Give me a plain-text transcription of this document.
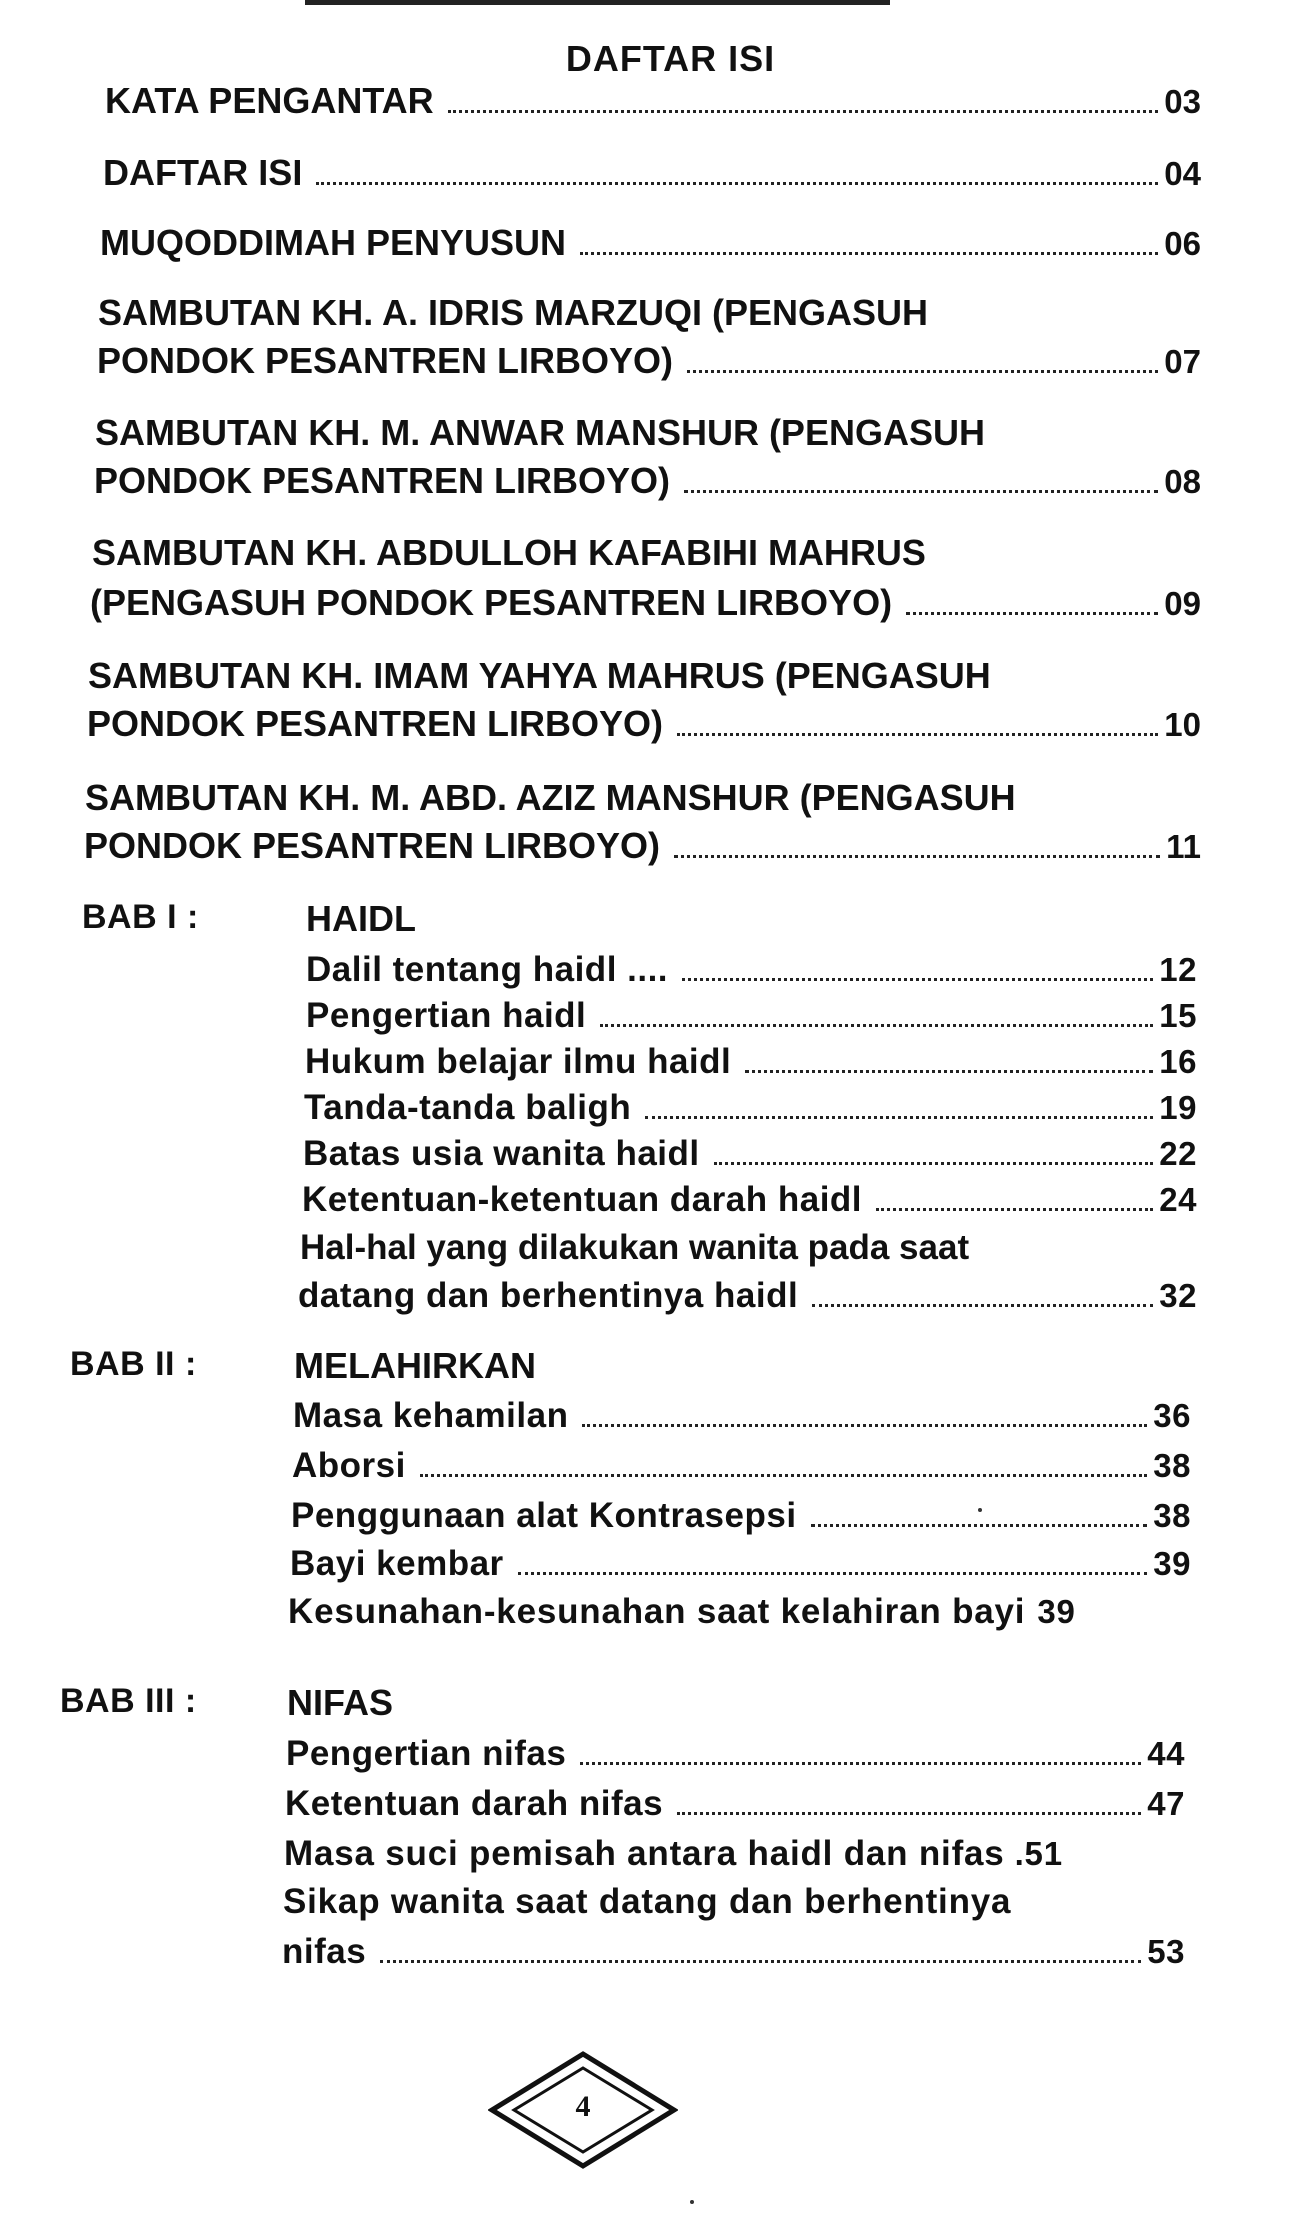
DAFTAR ISI
KATA PENGANTAR	03
DAFTAR ISI	04
MUQODDIMAH PENYUSUN	06
SAMBUTAN KH. A. IDRIS MARZUQI (PENGASUH
PONDOK PESANTREN LIRBOYO)	07
SAMBUTAN KH. M. ANWAR MANSHUR (PENGASUH
PONDOK PESANTREN LIRBOYO)	08
SAMBUTAN KH. ABDULLOH KAFABIHI MAHRUS
(PENGASUH PONDOK PESANTREN LIRBOYO)	09
SAMBUTAN KH. IMAM YAHYA MAHRUS (PENGASUH
PONDOK PESANTREN LIRBOYO)	10
SAMBUTAN KH. M. ABD. AZIZ MANSHUR (PENGASUH
PONDOK PESANTREN LIRBOYO)	11
BAB I :	HAIDL
Dalil tentang haidl ....	12
Pengertian haidl	15
Hukum belajar ilmu haidl	16
Tanda-tanda baligh	19
Batas usia wanita haidl	22
Ketentuan-ketentuan darah haidl	24
Hal-hal yang dilakukan wanita pada saat
datang dan berhentinya haidl	32
BAB II :	MELAHIRKAN
Masa kehamilan	36
Aborsi	38
Penggunaan alat Kontrasepsi	38
Bayi kembar	39
Kesunahan-kesunahan saat kelahiran bayi 39
BAB III :	NIFAS
Pengertian nifas	44
Ketentuan darah nifas	47
Masa suci pemisah antara haidl dan nifas .51
Sikap wanita saat datang dan berhentinya
nifas	53
4
